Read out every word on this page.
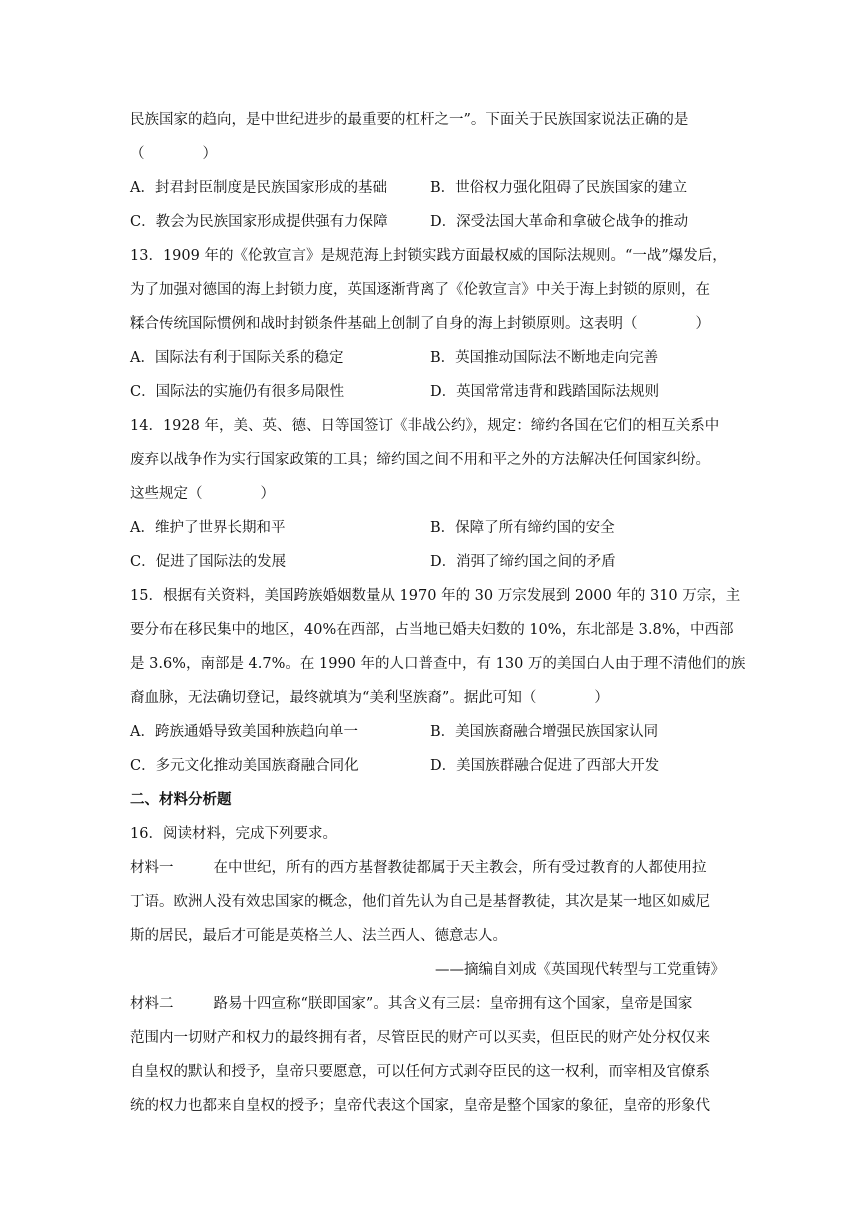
民族国家的趋向，是中世纪进步的最重要的杠杆之一”。下面关于民族国家说法正确的是
（　　　　）
A．封君封臣制度是民族国家形成的基础	B．世俗权力强化阻碍了民族国家的建立
C．教会为民族国家形成提供强有力保障	D．深受法国大革命和拿破仑战争的推动
13．1909 年的《伦敦宣言》是规范海上封锁实践方面最权威的国际法规则。“一战”爆发后，
为了加强对德国的海上封锁力度，英国逐渐背离了《伦敦宣言》中关于海上封锁的原则，在
糅合传统国际惯例和战时封锁条件基础上创制了自身的海上封锁原则。这表明（　　　　）
A．国际法有利于国际关系的稳定	B．英国推动国际法不断地走向完善
C．国际法的实施仍有很多局限性	D．英国常常违背和践踏国际法规则
14．1928 年，美、英、德、日等国签订《非战公约》，规定：缔约各国在它们的相互关系中
废弃以战争作为实行国家政策的工具；缔约国之间不用和平之外的方法解决任何国家纠纷。
这些规定（　　　　）
A．维护了世界长期和平	B．保障了所有缔约国的安全
C．促进了国际法的发展	D．消弭了缔约国之间的矛盾
15．根据有关资料，美国跨族婚姻数量从 1970 年的 30 万宗发展到 2000 年的 310 万宗，主
要分布在移民集中的地区，40%在西部，占当地已婚夫妇数的 10%，东北部是 3.8%，中西部
是 3.6%，南部是 4.7%。在 1990 年的人口普查中，有 130 万的美国白人由于理不清他们的族
裔血脉，无法确切登记，最终就填为“美利坚族裔”。据此可知（　　　　）
A．跨族通婚导致美国种族趋向单一	B．美国族裔融合增强民族国家认同
C．多元文化推动美国族裔融合同化	D．美国族群融合促进了西部大开发
二、材料分析题
16．阅读材料，完成下列要求。
材料一	在中世纪，所有的西方基督教徒都属于天主教会，所有受过教育的人都使用拉
丁语。欧洲人没有效忠国家的概念，他们首先认为自己是基督教徒，其次是某一地区如威尼
斯的居民，最后才可能是英格兰人、法兰西人、德意志人。
——摘编自刘成《英国现代转型与工党重铸》
材料二	路易十四宣称“朕即国家”。其含义有三层：皇帝拥有这个国家，皇帝是国家
范围内一切财产和权力的最终拥有者，尽管臣民的财产可以买卖，但臣民的财产处分权仅来
自皇权的默认和授予，皇帝只要愿意，可以任何方式剥夺臣民的这一权利，而宰相及官僚系
统的权力也都来自皇权的授予；皇帝代表这个国家，皇帝是整个国家的象征，皇帝的形象代
